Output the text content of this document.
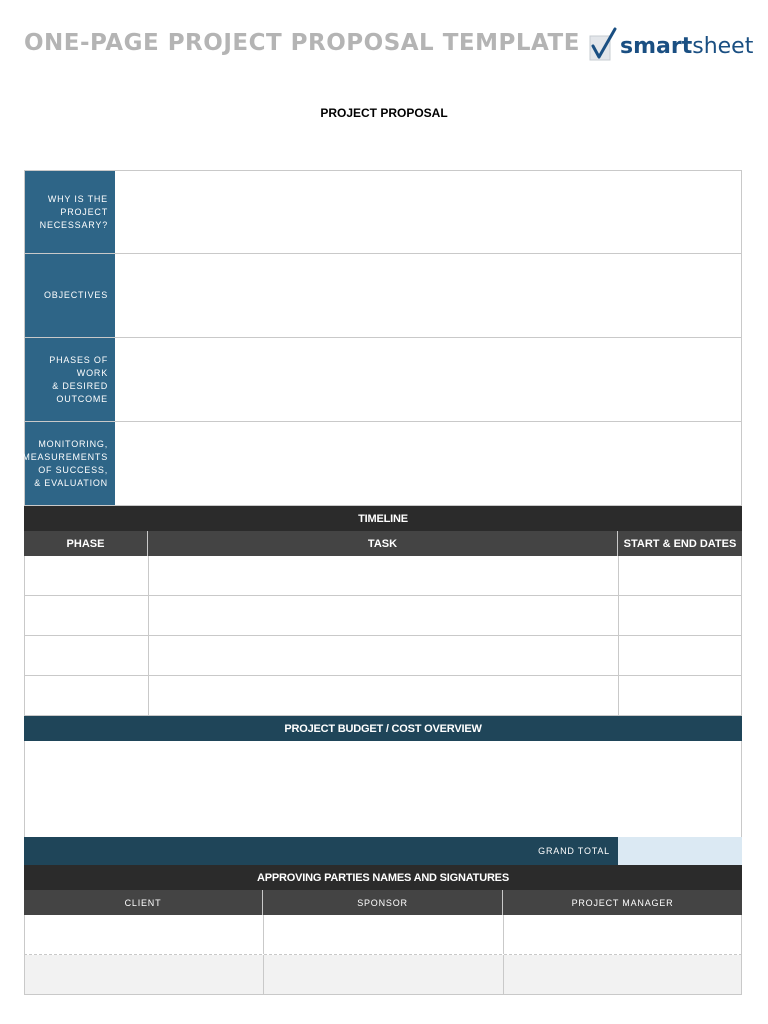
ONE-PAGE PROJECT PROPOSAL TEMPLATE smartsheet
PROJECT PROPOSAL
WHY IS THE
PROJECT
NECESSARY?
OBJECTIVES
PHASES OF
WORK
& DESIRED
OUTCOME
MONITORING,
MEASUREMENTS
OF SUCCESS,
& EVALUATION
TIMELINE
PHASE	TASK	START & END DATES
PROJECT BUDGET / COST OVERVIEW
GRAND TOTAL
APPROVING PARTIES NAMES AND SIGNATURES
CLIENT	SPONSOR	PROJECT MANAGER
